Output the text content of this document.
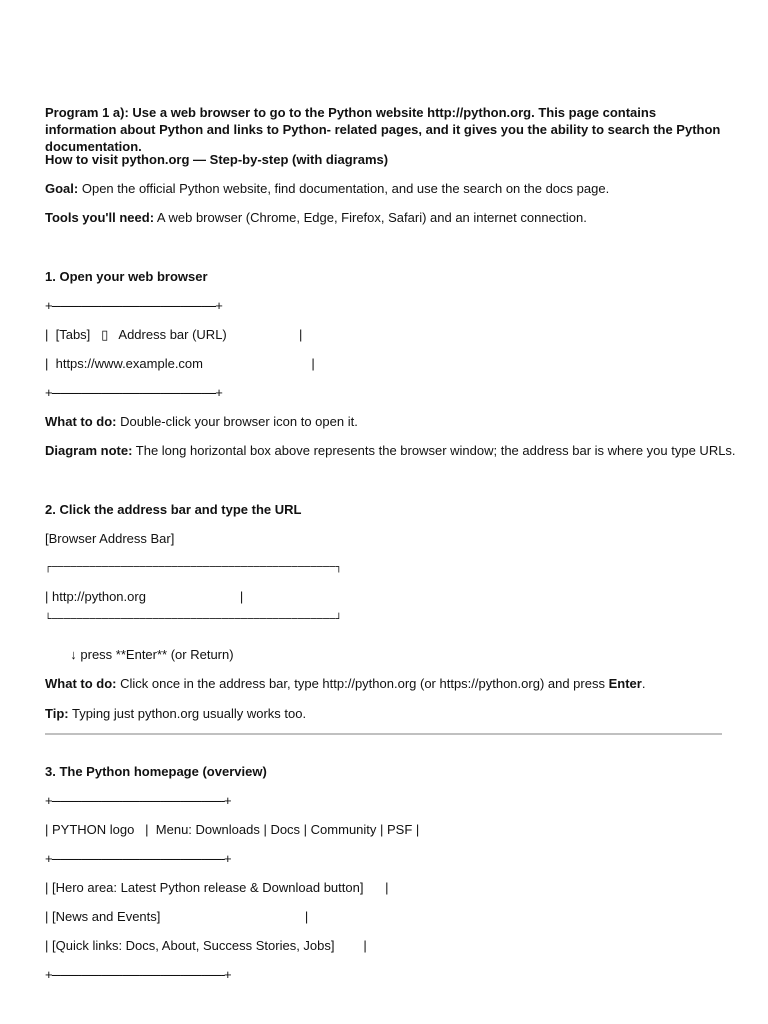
Program 1 a): Use a web browser to go to the Python website http://python.org. This page contains information about Python and links to Python- related pages, and it gives you the ability to search the Python documentation.

How to visit python.org — Step-by-step (with diagrams)

Goal: Open the official Python website, find documentation, and use the search on the docs page.

Tools you'll need: A web browser (Chrome, Edge, Firefox, Safari) and an internet connection.

1. Open your web browser

+--------------------------------------------------------+

|  [Tabs]   ▯   Address bar (URL)                    |

|  https://www.example.com                              |

+--------------------------------------------------------+

What to do: Double-click your browser icon to open it.

Diagram note: The long horizontal box above represents the browser window; the address bar is where you type URLs.

2. Click the address bar and type the URL

[Browser Address Bar]

┌─────────────────────────────────────────────┐

| http://python.org                          |

└─────────────────────────────────────────────┘

↓ press **Enter** (or Return)

What to do: Click once in the address bar, type http://python.org (or https://python.org) and press Enter.

Tip: Typing just python.org usually works too.

3. The Python homepage (overview)

+-----------------------------------------------------------+

| PYTHON logo   |  Menu: Downloads | Docs | Community | PSF |

+-----------------------------------------------------------+

| [Hero area: Latest Python release & Download button]      |

| [News and Events]                                        |

| [Quick links: Docs, About, Success Stories, Jobs]        |

+-----------------------------------------------------------+
